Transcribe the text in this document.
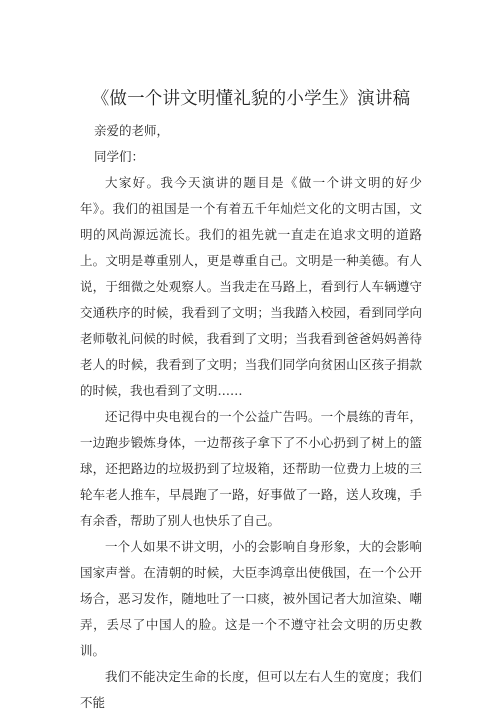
《做一个讲文明懂礼貌的小学生》演讲稿

亲爱的老师，

同学们：

大家好。我今天演讲的题目是《做一个讲文明的好少年》。我们的祖国是一个有着五千年灿烂文化的文明古国，文明的风尚源远流长。我们的祖先就一直走在追求文明的道路上。文明是尊重别人，更是尊重自己。文明是一种美德。有人说，于细微之处观察人。当我走在马路上，看到行人车辆遵守交通秩序的时候，我看到了文明；当我踏入校园，看到同学向老师敬礼问候的时候，我看到了文明；当我看到爸爸妈妈善待老人的时候，我看到了文明；当我们同学向贫困山区孩子捐款的时候，我也看到了文明……

还记得中央电视台的一个公益广告吗。一个晨练的青年，一边跑步锻炼身体，一边帮孩子拿下了不小心扔到了树上的篮球，还把路边的垃圾扔到了垃圾箱，还帮助一位费力上坡的三轮车老人推车，早晨跑了一路，好事做了一路，送人玫瑰，手有余香，帮助了别人也快乐了自己。

一个人如果不讲文明，小的会影响自身形象，大的会影响国家声誉。在清朝的时候，大臣李鸿章出使俄国，在一个公开场合，恶习发作，随地吐了一口痰，被外国记者大加渲染、嘲弄，丢尽了中国人的脸。这是一个不遵守社会文明的历史教训。

我们不能决定生命的长度，但可以左右人生的宽度；我们不能
